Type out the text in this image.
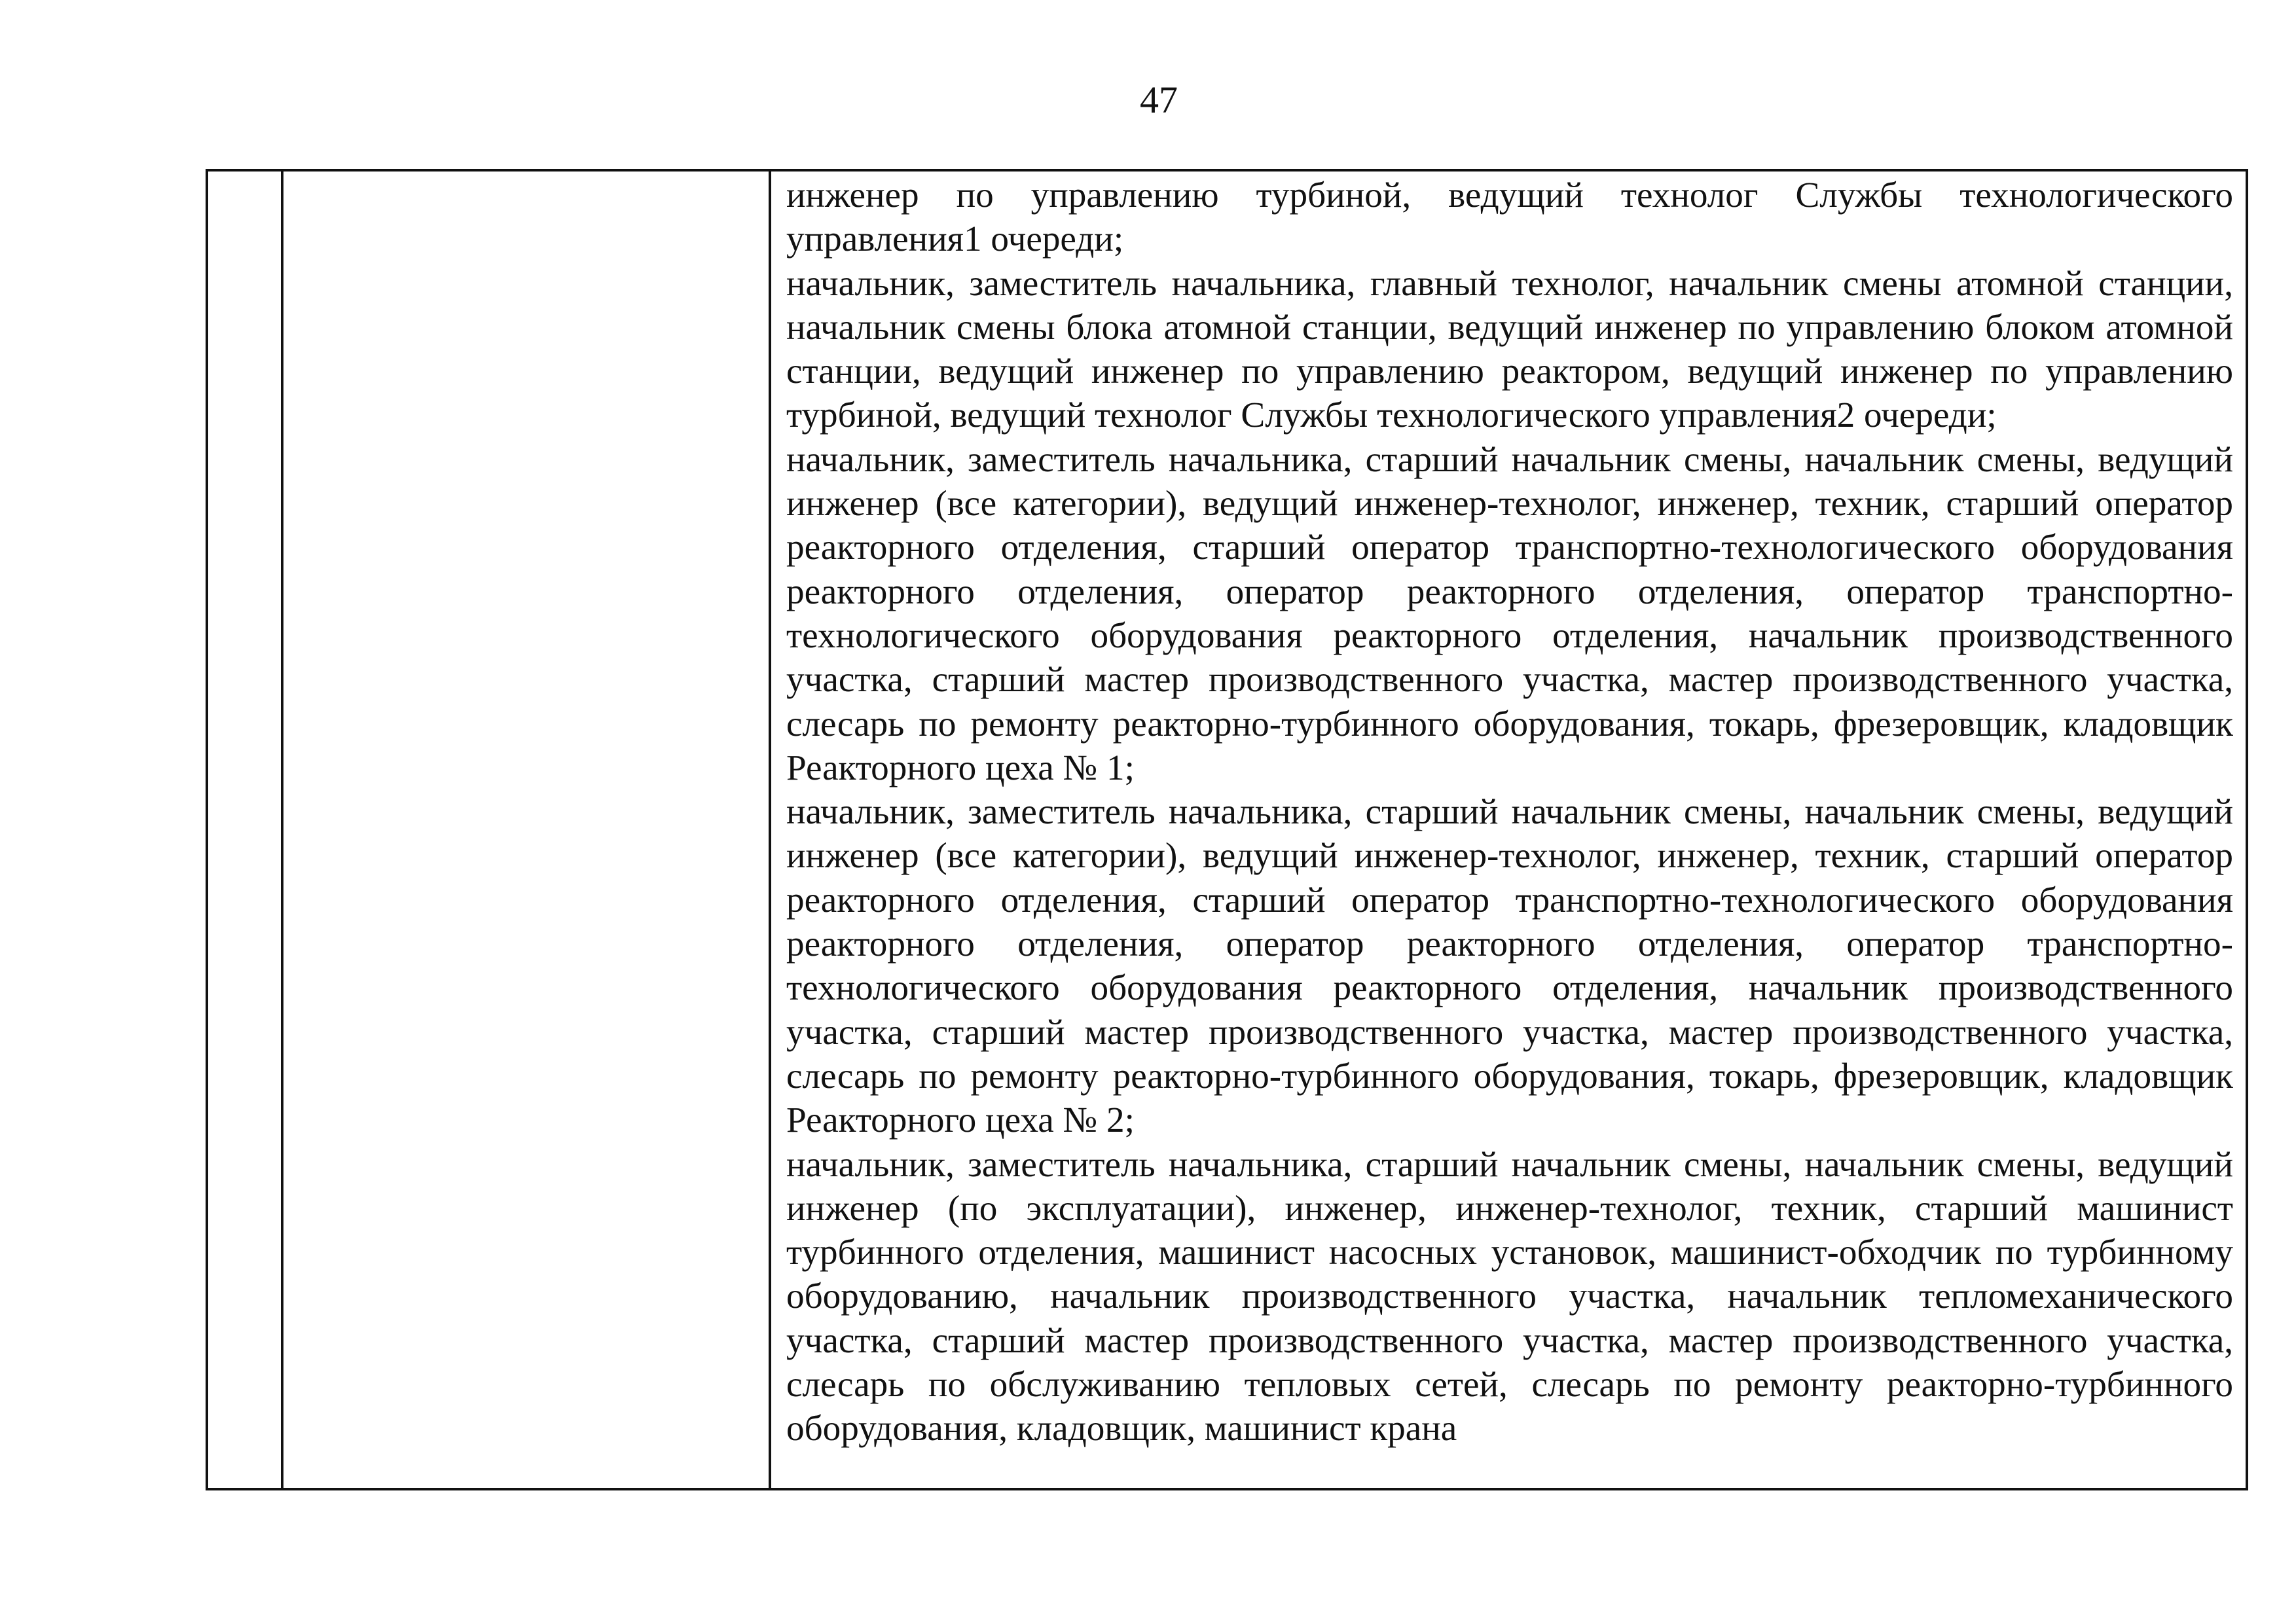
47

инженер по управлению турбиной, ведущий технолог Службы технологического управления1 очереди;

начальник, заместитель начальника, главный технолог, начальник смены атомной станции, начальник смены блока атомной станции, ведущий инженер по управлению блоком атомной станции, ведущий инженер по управлению реактором, ведущий инженер по управлению турбиной, ведущий технолог Службы технологического управления2 очереди;

начальник, заместитель начальника, старший начальник смены, начальник смены, ведущий инженер (все категории), ведущий инженер-технолог, инженер, техник, старший оператор реакторного отделения, старший оператор транспортно-технологического оборудования реакторного отделения, оператор реакторного отделения, оператор транспортно-технологического оборудования реакторного отделения, начальник производственного участка, старший мастер производственного участка, мастер производственного участка, слесарь по ремонту реакторно-турбинного оборудования, токарь, фрезеровщик, кладовщик Реакторного цеха № 1;

начальник, заместитель начальника, старший начальник смены, начальник смены, ведущий инженер (все категории), ведущий инженер-технолог, инженер, техник, старший оператор реакторного отделения, старший оператор транспортно-технологического оборудования реакторного отделения, оператор реакторного отделения, оператор транспортно-технологического оборудования реакторного отделения, начальник производственного участка, старший мастер производственного участка, мастер производственного участка, слесарь по ремонту реакторно-турбинного оборудования, токарь, фрезеровщик, кладовщик Реакторного цеха № 2;

начальник, заместитель начальника, старший начальник смены, начальник смены, ведущий инженер (по эксплуатации), инженер, инженер-технолог, техник, старший машинист турбинного отделения, машинист насосных установок, машинист-обходчик по турбинному оборудованию, начальник производственного участка, начальник тепломеханического участка, старший мастер производственного участка, мастер производственного участка, слесарь по обслуживанию тепловых сетей, слесарь по ремонту реакторно-турбинного оборудования, кладовщик, машинист крана
